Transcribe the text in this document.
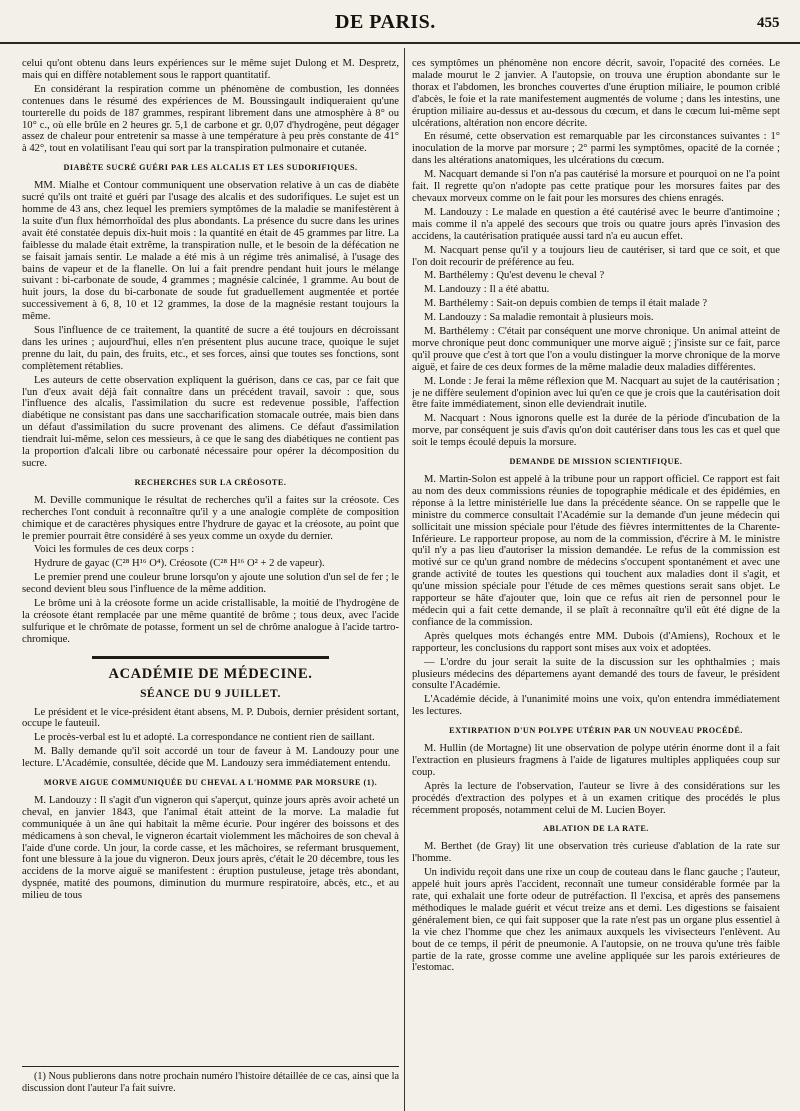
DE PARIS.	455

celui qu'ont obtenu dans leurs expériences sur le même sujet Dulong et M. Despretz, mais qui en diffère notablement sous le rapport quantitatif.

En considérant la respiration comme un phénomène de combustion, les données contenues dans le résumé des expériences de M. Boussingault indiqueraient qu'une tourterelle du poids de 187 grammes, respirant librement dans une atmosphère à 8° ou 10° c., où elle brûle en 2 heures gr. 5,1 de carbone et gr. 0,07 d'hydrogène, peut dégager assez de chaleur pour entretenir sa masse à une température à peu près constante de 41° à 42°, tout en volatilisant l'eau qui sort par la transpiration pulmonaire et cutanée.

DIABÈTE SUCRÉ GUÉRI PAR LES ALCALIS ET LES SUDORIFIQUES.

MM. Mialhe et Contour communiquent une observation relative à un cas de diabète sucré qu'ils ont traité et guéri par l'usage des alcalis et des sudorifiques. Le sujet est un homme de 43 ans, chez lequel les premiers symptômes de la maladie se manifestèrent à la suite d'un flux hémorrhoïdal des plus abondants. La présence du sucre dans les urines avait été constatée depuis dix-huit mois : la quantité en était de 45 grammes par litre. La faiblesse du malade était extrême, la transpiration nulle, et le besoin de la défécation ne se faisait jamais sentir. Le malade a été mis à un régime très animalisé, à l'usage des bains de vapeur et de la flanelle. On lui a fait prendre pendant huit jours le mélange suivant : bi-carbonate de soude, 4 grammes ; magnésie calcinée, 1 gramme. Au bout de huit jours, la dose du bi-carbonate de soude fut graduellement augmentée et portée successivement à 6, 8, 10 et 12 grammes, la dose de la magnésie restant toujours la même.

Sous l'influence de ce traitement, la quantité de sucre a été toujours en décroissant dans les urines ; aujourd'hui, elles n'en présentent plus aucune trace, quoique le sujet prenne du lait, du pain, des fruits, etc., et ses forces, ainsi que toutes ses fonctions, sont complètement rétablies.

Les auteurs de cette observation expliquent la guérison, dans ce cas, par ce fait que l'un d'eux avait déjà fait connaître dans un précédent travail, savoir : que, sous l'influence des alcalis, l'assimilation du sucre est redevenue possible, l'affection diabétique ne consistant pas dans une saccharification stomacale outrée, mais bien dans un défaut d'assimilation du sucre provenant des alimens. Ce défaut d'assimilation tiendrait lui-même, selon ces messieurs, à ce que le sang des diabétiques ne contient pas la proportion d'alcali libre ou carbonaté nécessaire pour opérer la décomposition du sucre.

RECHERCHES SUR LA CRÉOSOTE.

M. Deville communique le résultat de recherches qu'il a faites sur la créosote. Ces recherches l'ont conduit à reconnaître qu'il y a une analogie complète de composition chimique et de caractères physiques entre l'hydrure de gayac et la créosote, au point que le premier pourrait être considéré à ses yeux comme un oxyde du dernier.

Voici les formules de ces deux corps :

Hydrure de gayac (C²⁸ H¹⁶ O⁴). Créosote (C²⁸ H¹⁶ O² + 2 de vapeur).

Le premier prend une couleur brune lorsqu'on y ajoute une solution d'un sel de fer ; le second devient bleu sous l'influence de la même addition.

Le brôme uni à la créosote forme un acide cristallisable, la moitié de l'hydrogène de la créosote étant remplacée par une même quantité de brôme ; tous deux, avec l'acide sulfurique et le chrômate de potasse, forment un sel de chrôme analogue à l'acide tartro-chromique.

ACADÉMIE DE MÉDECINE.
SÉANCE DU 9 JUILLET.

Le président et le vice-président étant absens, M. P. Dubois, dernier président sortant, occupe le fauteuil.

Le procès-verbal est lu et adopté. La correspondance ne contient rien de saillant.

M. Bally demande qu'il soit accordé un tour de faveur à M. Landouzy pour une lecture. L'Académie, consultée, décide que M. Landouzy sera immédiatement entendu.

MORVE AIGUE COMMUNIQUÉE DU CHEVAL A L'HOMME PAR MORSURE (1).

M. Landouzy : Il s'agit d'un vigneron qui s'aperçut, quinze jours après avoir acheté un cheval, en janvier 1843, que l'animal était atteint de la morve. La maladie fut communiquée à un âne qui habitait la même écurie. Pour ingérer des boissons et des médicamens à son cheval, le vigneron écartait violemment les mâchoires de son cheval à l'aide d'une corde. Un jour, la corde casse, et les mâchoires, se refermant brusquement, font une blessure à la joue du vigneron. Deux jours après, c'était le 20 décembre, tous les accidens de la morve aiguë se manifestent : éruption pustuleuse, jetage très abondant, dyspnée, matité des poumons, diminution du murmure respiratoire, abcès, etc., et au milieu de tous

(1) Nous publierons dans notre prochain numéro l'histoire détaillée de ce cas, ainsi que la discussion dont l'auteur l'a fait suivre.

ces symptômes un phénomène non encore décrit, savoir, l'opacité des cornées. Le malade mourut le 2 janvier. A l'autopsie, on trouva une éruption abondante sur le thorax et l'abdomen, les bronches couvertes d'une éruption miliaire, le poumon criblé d'abcès, le foie et la rate manifestement augmentés de volume ; dans les intestins, une éruption miliaire au-dessus et au-dessous du cœcum, et dans le cœcum lui-même sept ulcérations, altération non encore décrite.

En résumé, cette observation est remarquable par les circonstances suivantes : 1° inoculation de la morve par morsure ; 2° parmi les symptômes, opacité de la cornée ; dans les altérations anatomiques, les ulcérations du cœcum.

M. Nacquart demande si l'on n'a pas cautérisé la morsure et pourquoi on ne l'a point fait. Il regrette qu'on n'adopte pas cette pratique pour les morsures faites par des chevaux morveux comme on le fait pour les morsures des chiens enragés.

M. Landouzy : Le malade en question a été cautérisé avec le beurre d'antimoine ; mais comme il n'a appelé des secours que trois ou quatre jours après l'invasion des accidens, la cautérisation pratiquée aussi tard n'a eu aucun effet.

M. Nacquart pense qu'il y a toujours lieu de cautériser, si tard que ce soit, et que l'on doit recourir de préférence au feu.

M. Barthélemy : Qu'est devenu le cheval ?

M. Landouzy : Il a été abattu.

M. Barthélemy : Sait-on depuis combien de temps il était malade ?

M. Landouzy : Sa maladie remontait à plusieurs mois.

M. Barthélemy : C'était par conséquent une morve chronique. Un animal atteint de morve chronique peut donc communiquer une morve aiguë ; j'insiste sur ce fait, parce qu'il prouve que c'est à tort que l'on a voulu distinguer la morve chronique de la morve aiguë, et faire de ces deux formes de la même maladie deux maladies différentes.

M. Londe : Je ferai la même réflexion que M. Nacquart au sujet de la cautérisation ; je ne diffère seulement d'opinion avec lui qu'en ce que je crois que la cautérisation doit être faite immédiatement, sinon elle deviendrait inutile.

M. Nacquart : Nous ignorons quelle est la durée de la période d'incubation de la morve, par conséquent je suis d'avis qu'on doit cautériser dans tous les cas et quel que soit le temps écoulé depuis la morsure.

DEMANDE DE MISSION SCIENTIFIQUE.

M. Martin-Solon est appelé à la tribune pour un rapport officiel. Ce rapport est fait au nom des deux commissions réunies de topographie médicale et des épidémies, en réponse à la lettre ministérielle lue dans la précédente séance. On se rappelle que le ministre du commerce consultait l'Académie sur la demande d'un jeune médecin qui sollicitait une mission spéciale pour l'étude des fièvres intermittentes de la Charente-Inférieure. Le rapporteur propose, au nom de la commission, d'écrire à M. le ministre qu'il n'y a pas lieu d'autoriser la mission demandée. Le refus de la commission est motivé sur ce qu'un grand nombre de médecins s'occupent spontanément et avec une grande activité de toutes les questions qui touchent aux maladies dont il s'agit, et qu'une mission spéciale pour l'étude de ces mêmes questions serait sans objet. Le rapporteur se hâte d'ajouter que, loin que ce refus ait rien de personnel pour le médecin qui a fait cette demande, il se plaît à reconnaître qu'il eût été digne de la confiance de la commission.

Après quelques mots échangés entre MM. Dubois (d'Amiens), Rochoux et le rapporteur, les conclusions du rapport sont mises aux voix et adoptées.

— L'ordre du jour serait la suite de la discussion sur les ophthalmies ; mais plusieurs médecins des départemens ayant demandé des tours de faveur, le président consulte l'Académie.

L'Académie décide, à l'unanimité moins une voix, qu'on entendra immédiatement les lectures.

EXTIRPATION D'UN POLYPE UTÉRIN PAR UN NOUVEAU PROCÉDÉ.

M. Hullin (de Mortagne) lit une observation de polype utérin énorme dont il a fait l'extraction en plusieurs fragmens à l'aide de ligatures multiples appliquées coup sur coup.

Après la lecture de l'observation, l'auteur se livre à des considérations sur les procédés d'extraction des polypes et à un examen critique des procédés le plus récemment proposés, notamment celui de M. Lucien Boyer.

ABLATION DE LA RATE.

M. Berthet (de Gray) lit une observation très curieuse d'ablation de la rate sur l'homme.

Un individu reçoit dans une rixe un coup de couteau dans le flanc gauche ; l'auteur, appelé huit jours après l'accident, reconnaît une tumeur considérable formée par la rate, qui exhalait une forte odeur de putréfaction. Il l'excisa, et après des pansemens méthodiques le malade guérit et vécut treize ans et demi. Les digestions se faisaient généralement bien, ce qui fait supposer que la rate n'est pas un organe plus essentiel à la vie chez l'homme que chez les animaux auxquels les vivisecteurs l'enlèvent. Au bout de ce temps, il périt de pneumonie. A l'autopsie, on ne trouva qu'une très faible partie de la rate, grosse comme une aveline appliquée sur les parois extérieures de l'estomac.
